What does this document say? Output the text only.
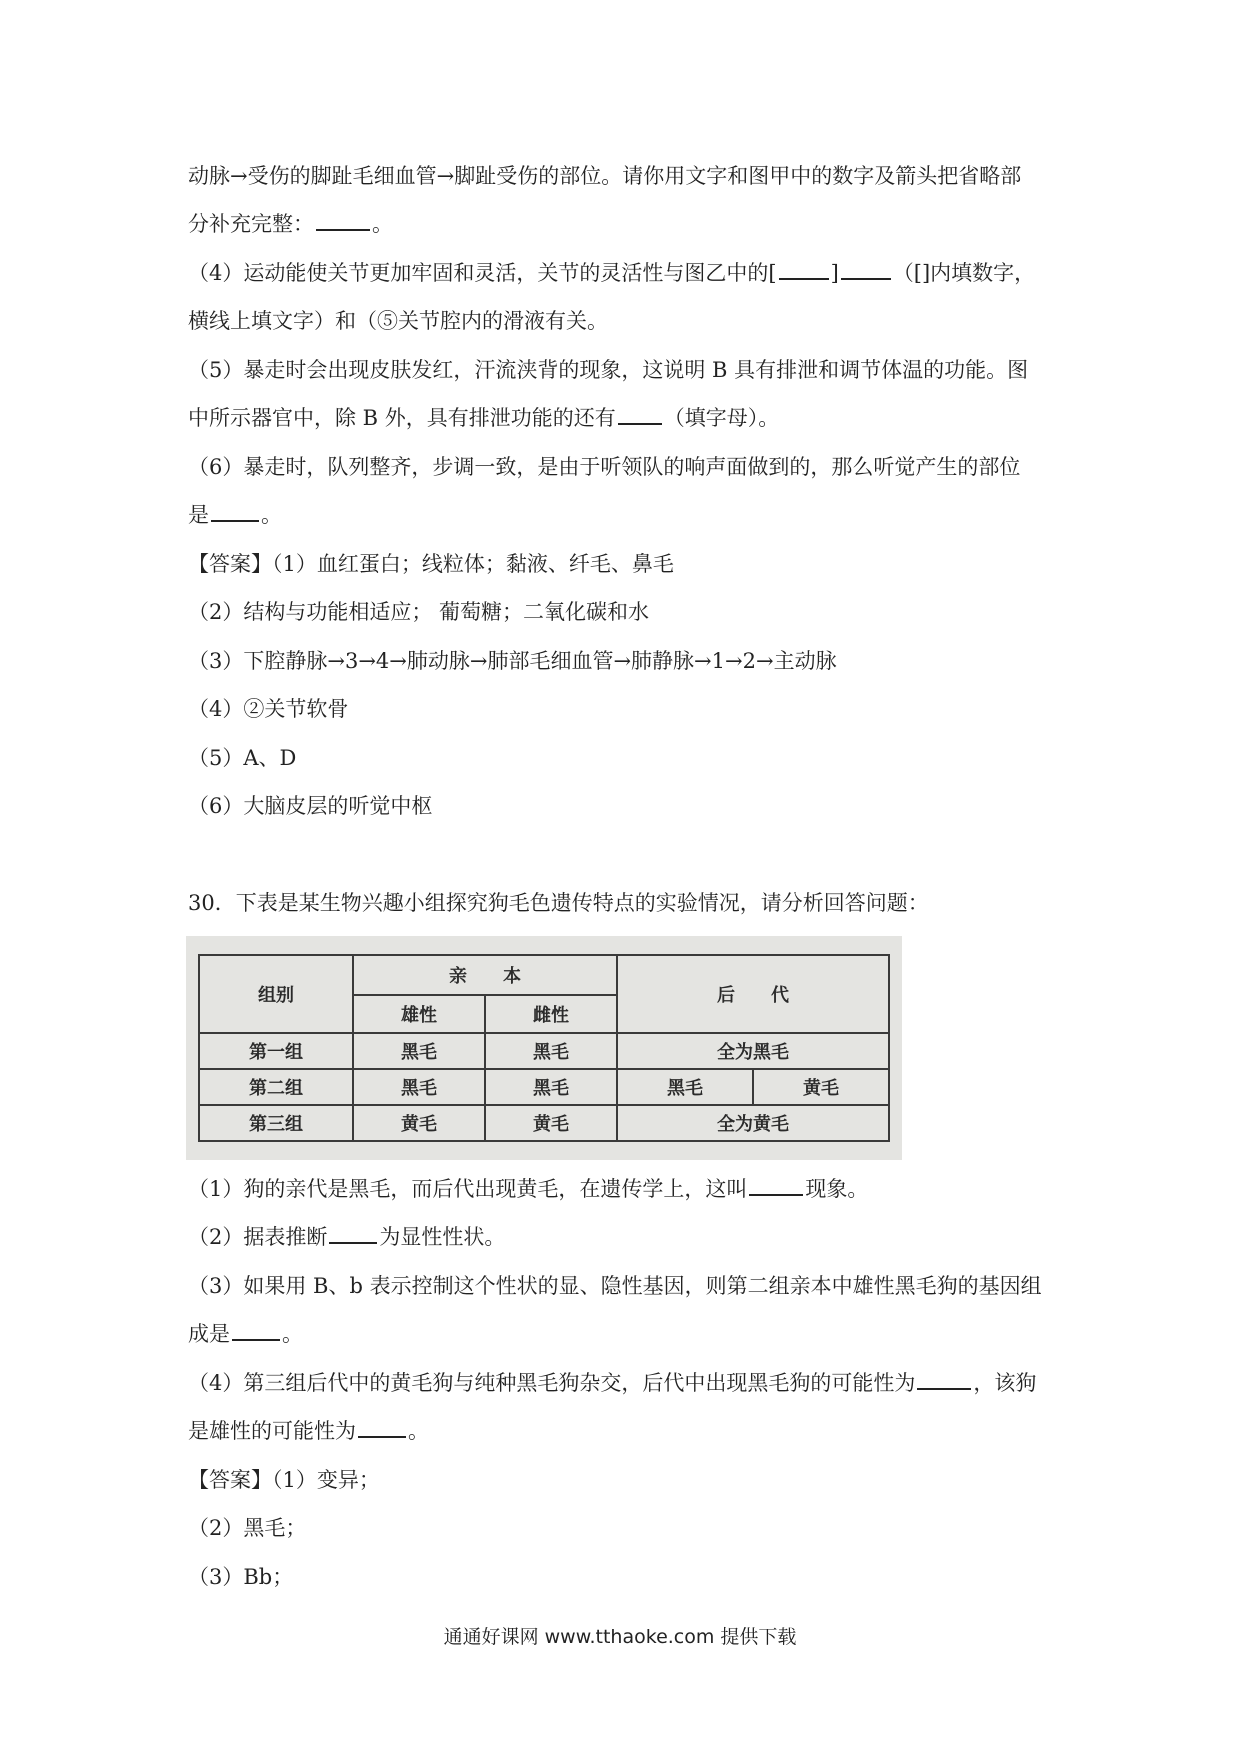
动脉→受伤的脚趾毛细血管→脚趾受伤的部位。请你用文字和图甲中的数字及箭头把省略部
分补充完整：	。
（4）运动能使关节更加牢固和灵活，关节的灵活性与图乙中的[	]	（[]内填数字，
横线上填文字）和（⑤关节腔内的滑液有关。
（5）暴走时会出现皮肤发红，汗流浃背的现象，这说明 B 具有排泄和调节体温的功能。图
中所示器官中，除 B 外，具有排泄功能的还有 （填字母）。
（6）暴走时，队列整齐，步调一致，是由于听领队的响声面做到的，那么听觉产生的部位
是 。
【答案】（1）血红蛋白；线粒体；黏液、纤毛、鼻毛
（2）结构与功能相适应； 葡萄糖；二氧化碳和水
（3）下腔静脉→3→4→肺动脉→肺部毛细血管→肺静脉→1→2→主动脉
（4）②关节软骨
（5）A、D
（6）大脑皮层的听觉中枢
30．下表是某生物兴趣小组探究狗毛色遗传特点的实验情况，请分析回答问题：
组别	亲　　本		后　　代	
	雄性	雌性		
第一组	黑毛	黑毛	全为黑毛	
第二组	黑毛	黑毛	黑毛	黄毛
第三组	黄毛	黄毛	全为黄毛	
（1）狗的亲代是黑毛，而后代出现黄毛，在遗传学上，这叫	现象。
（2）据表推断 为显性性状。
（3）如果用 B、b 表示控制这个性状的显、隐性基因，则第二组亲本中雄性黑毛狗的基因组
成是 。
（4）第三组后代中的黄毛狗与纯种黑毛狗杂交，后代中出现黑毛狗的可能性为	，该狗
是雄性的可能性为 。
【答案】（1）变异；
（2）黑毛；
（3）Bb；
通通好课网 www.tthaoke.com 提供下载
